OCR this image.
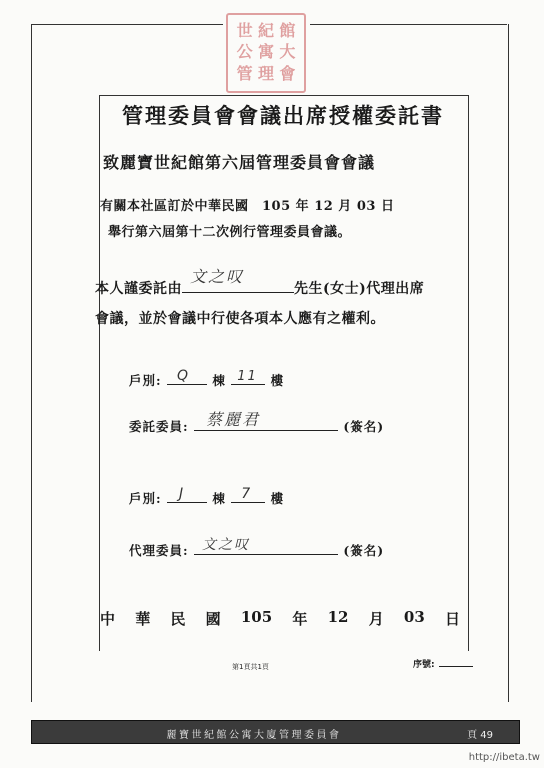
世 紀 館
公 寓 大
管 理 會
管理委員會會議出席授權委託書
致麗寶世紀館第六屆管理委員會會議
有關本社區訂於中華民國　105 年 12 月 03 日
舉行第六屆第十二次例行管理委員會議。
本人謹委託由
文之叹
先生(女士)代理出席
會議，並於會議中行使各項本人應有之權利。
戶別: Q 棟 11 樓
委託委員: 蔡麗君	(簽名)
戶別: J 棟 7 樓
代理委員: 文之叹	(簽名)
中 華 民 國 105 年 12 月 03 日
第1頁共1頁	序號:
麗寶世紀館公寓大廈管理委員會	頁 49
http://ibeta.tw
